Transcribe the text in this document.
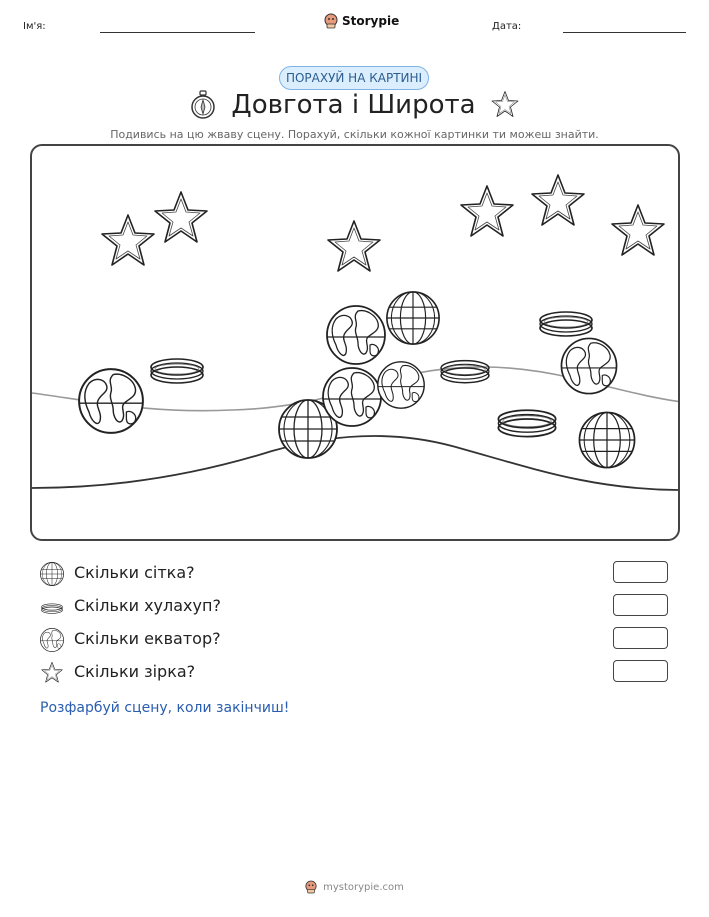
Ім'я:	Storypie	Дата:
ПОРАХУЙ НА КАРТИНІ
Довгота і Широта
Подивись на цю жваву сцену. Порахуй, скільки кожної картинки ти можеш знайти.
Скільки сітка?
Скільки хулахуп?
Скільки екватор?
Скільки зірка?
Розфарбуй сцену, коли закінчиш!
mystorypie.com
